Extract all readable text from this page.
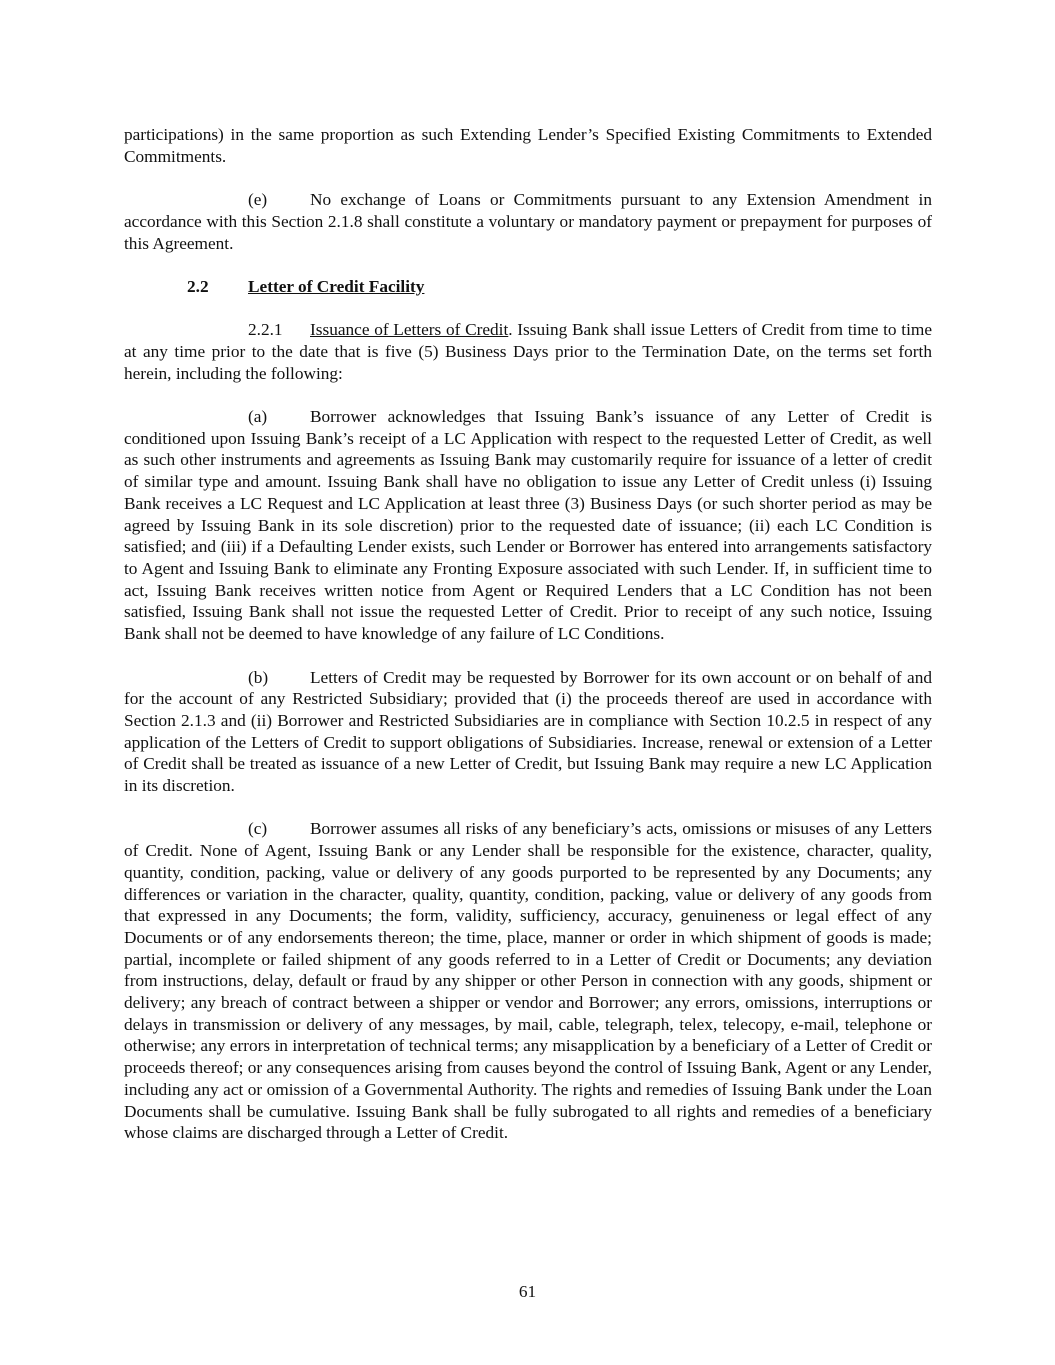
participations) in the same proportion as such Extending Lender’s Specified Existing Commitments to Extended Commitments.

(e) No exchange of Loans or Commitments pursuant to any Extension Amendment in accordance with this Section 2.1.8 shall constitute a voluntary or mandatory payment or prepayment for purposes of this Agreement.

2.2 Letter of Credit Facility

2.2.1 Issuance of Letters of Credit. Issuing Bank shall issue Letters of Credit from time to time at any time prior to the date that is five (5) Business Days prior to the Termination Date, on the terms set forth herein, including the following:

(a) Borrower acknowledges that Issuing Bank’s issuance of any Letter of Credit is conditioned upon Issuing Bank’s receipt of a LC Application with respect to the requested Letter of Credit, as well as such other instruments and agreements as Issuing Bank may customarily require for issuance of a letter of credit of similar type and amount. Issuing Bank shall have no obligation to issue any Letter of Credit unless (i) Issuing Bank receives a LC Request and LC Application at least three (3) Business Days (or such shorter period as may be agreed by Issuing Bank in its sole discretion) prior to the requested date of issuance; (ii) each LC Condition is satisfied; and (iii) if a Defaulting Lender exists, such Lender or Borrower has entered into arrangements satisfactory to Agent and Issuing Bank to eliminate any Fronting Exposure associated with such Lender. If, in sufficient time to act, Issuing Bank receives written notice from Agent or Required Lenders that a LC Condition has not been satisfied, Issuing Bank shall not issue the requested Letter of Credit. Prior to receipt of any such notice, Issuing Bank shall not be deemed to have knowledge of any failure of LC Conditions.

(b) Letters of Credit may be requested by Borrower for its own account or on behalf of and for the account of any Restricted Subsidiary; provided that (i) the proceeds thereof are used in accordance with Section 2.1.3 and (ii) Borrower and Restricted Subsidiaries are in compliance with Section 10.2.5 in respect of any application of the Letters of Credit to support obligations of Subsidiaries. Increase, renewal or extension of a Letter of Credit shall be treated as issuance of a new Letter of Credit, but Issuing Bank may require a new LC Application in its discretion.

(c) Borrower assumes all risks of any beneficiary’s acts, omissions or misuses of any Letters of Credit. None of Agent, Issuing Bank or any Lender shall be responsible for the existence, character, quality, quantity, condition, packing, value or delivery of any goods purported to be represented by any Documents; any differences or variation in the character, quality, quantity, condition, packing, value or delivery of any goods from that expressed in any Documents; the form, validity, sufficiency, accuracy, genuineness or legal effect of any Documents or of any endorsements thereon; the time, place, manner or order in which shipment of goods is made; partial, incomplete or failed shipment of any goods referred to in a Letter of Credit or Documents; any deviation from instructions, delay, default or fraud by any shipper or other Person in connection with any goods, shipment or delivery; any breach of contract between a shipper or vendor and Borrower; any errors, omissions, interruptions or delays in transmission or delivery of any messages, by mail, cable, telegraph, telex, telecopy, e-mail, telephone or otherwise; any errors in interpretation of technical terms; any misapplication by a beneficiary of a Letter of Credit or proceeds thereof; or any consequences arising from causes beyond the control of Issuing Bank, Agent or any Lender, including any act or omission of a Governmental Authority. The rights and remedies of Issuing Bank under the Loan Documents shall be cumulative. Issuing Bank shall be fully subrogated to all rights and remedies of a beneficiary whose claims are discharged through a Letter of Credit.

61
